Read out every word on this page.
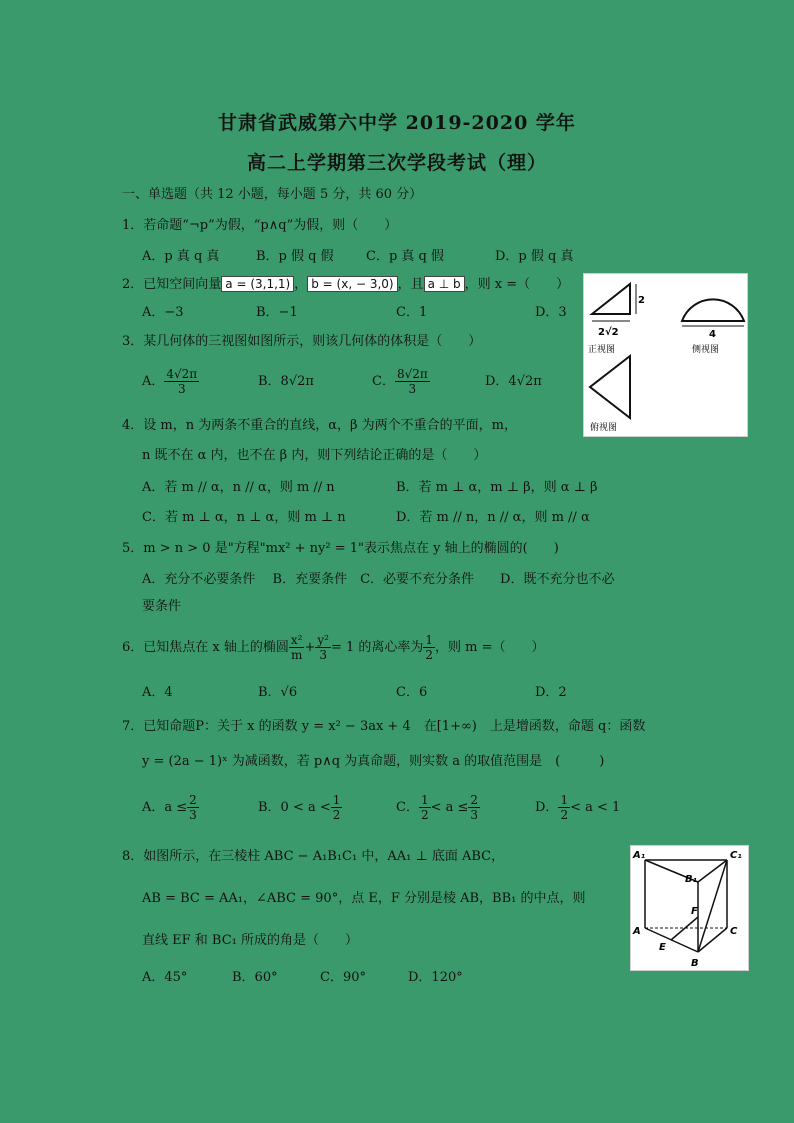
甘肃省武威第六中学 2019-2020 学年
高二上学期第三次学段考试（理）
一、单选题（共 12 小题，每小题 5 分，共 60 分）
1．若命题“¬p”为假，“p∧q”为假，则（　　）
A．p 真 q 真	B．p 假 q 假 C．p 真 q 假	D．p 假 q 真
2．已知空间向量 a = (3,1,1) ， b = (x, − 3,0) ，且 a ⊥ b ，则 x =（　　）
A．−3	B．−1	C．1	D．3
3．某几何体的三视图如图所示，则该几何体的体积是（　　）
A． $\frac{4√2\pi}{3}$	B．8√2π	C． $\frac{8√2\pi}{3}$	D．4√2π
2
2√2
正视图
4
侧视图
俯视图
4．设 m，n 为两条不重合的直线，α，β 为两个不重合的平面，m，
n 既不在 α 内，也不在 β 内，则下列结论正确的是（　　）
A．若 m // α，n // α，则 m // n	B．若 m ⊥ α，m ⊥ β，则 α ⊥ β
C．若 m ⊥ α，n ⊥ α，则 m ⊥ n	D．若 m // n，n // α，则 m // α
5．m > n > 0 是"方程"mx² + ny² = 1"表示焦点在 y 轴上的椭圆的(　　)
A．充分不必要条件　 B．充要条件　C．必要不充分条件　　D．既不充分也不必
要条件
6．已知焦点在 x 轴上的椭圆 $\frac{\text{x²}}{m} + \frac{\text{y²}}{3} = 1$ 的离心率为 $\frac{1}{2}$ ，则 m =（　　）
A．4	B．√6	C．6	D．2
7．已知命题P：关于 x 的函数 y = x² − 3ax + 4　在[1+∞)　上是增函数，命题 q：函数
y = (2a − 1)ˣ 为减函数，若 p∧q 为真命题，则实数 a 的取值范围是　(　　　)
A．$a \le \frac{2}{3}$	B．$0 < a < \frac{1}{2}$	C． $\frac{1}{2} < a \le \frac{2}{3}$	D． $\frac{1}{2} < a < 1$
8．如图所示，在三棱柱 ABC − A₁B₁C₁ 中，AA₁ ⊥ 底面 ABC，
AB = BC = AA₁，∠ABC = 90°，点 E，F 分别是棱 AB，BB₁ 的中点，则
直线 EF 和 BC₁ 所成的角是（　　）
A．45°	B．60°	C．90°	D．120°
A₁	C₁
B₁
F
A	C
E
B
